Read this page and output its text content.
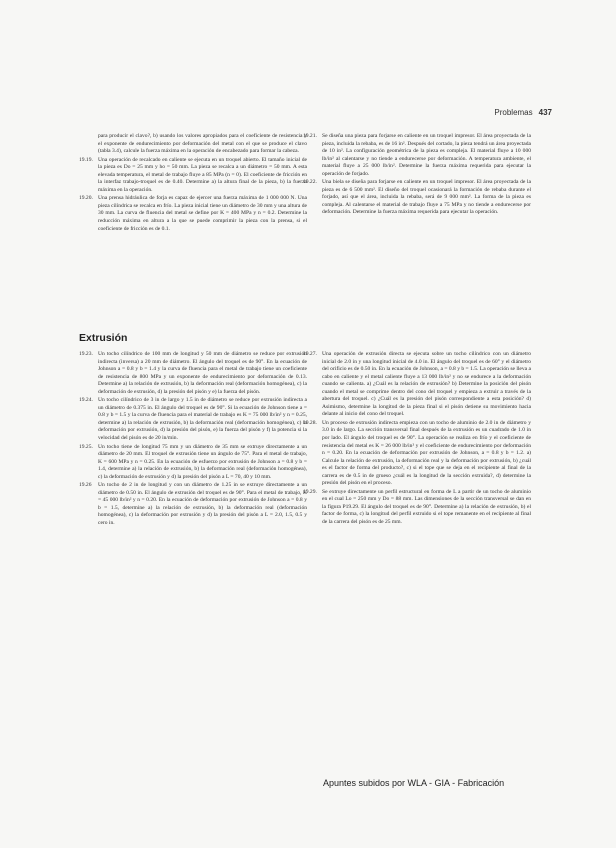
Problemas 437
para producir el clavo?, b) usando los valores apropiados para el coeficiente de resistencia y el exponente de endurecimiento por deformación del metal con el que se produce el clavo (tabla 3.4), calcule la fuerza máxima en la operación de encabezado para formar la cabeza.
19.19. Una operación de recalcado en caliente se ejecuta en un troquel abierto. El tamaño inicial de la pieza es Do = 25 mm y ho = 50 mm. La pieza se recalca a un diámetro = 50 mm. A esta elevada temperatura, el metal de trabajo fluye a 85 MPa (n = 0). El coeficiente de fricción en la interfaz trabajo-troquel es de 0.40. Determine a) la altura final de la pieza, b) la fuerza máxima en la operación.
19.20. Una prensa hidráulica de forja es capaz de ejercer una fuerza máxima de 1 000 000 N. Una pieza cilíndrica se recalca en frío. La pieza inicial tiene un diámetro de 30 mm y una altura de 30 mm. La curva de fluencia del metal se define por K = 400 MPa y n = 0.2. Determine la reducción máxima en altura a la que se puede comprimir la pieza con la prensa, si el coeficiente de fricción es de 0.1.
19.21. Se diseña una pieza para forjarse en caliente en un troquel impresor. El área proyectada de la pieza, incluida la rebaba, es de 16 in². Después del cortado, la pieza tendrá un área proyectada de 10 in². La configuración geométrica de la pieza es compleja. El material fluye a 10 000 lb/in² al calentarse y no tiende a endurecerse por deformación. A temperatura ambiente, el material fluye a 25 000 lb/in². Determine la fuerza máxima requerida para ejecutar la operación de forjado.
19.22. Una biela se diseña para forjarse en caliente en un troquel impresor. El área proyectada de la pieza es de 6 500 mm². El diseño del troquel ocasionará la formación de rebaba durante el forjado, así que el área, incluida la rebaba, será de 9 000 mm². La forma de la pieza es compleja. Al calentarse el material de trabajo fluye a 75 MPa y no tiende a endurecerse por deformación. Determine la fuerza máxima requerida para ejecutar la operación.
Extrusión
19.23. Un tocho cilíndrico de 100 mm de longitud y 50 mm de diámetro se reduce por extrusión indirecta (inversa) a 20 mm de diámetro. El ángulo del troquel es de 90°. En la ecuación de Johnson a = 0.8 y b = 1.4 y la curva de fluencia para el metal de trabajo tiene un coeficiente de resistencia de 800 MPa y un exponente de endurecimiento por deformación de 0.13. Determine a) la relación de extrusión, b) la deformación real (deformación homogénea), c) la deformación de extrusión, d) la presión del pisón y e) la fuerza del pisón.
19.24. Un tocho cilíndrico de 3 in de largo y 1.5 in de diámetro se reduce por extrusión indirecta a un diámetro de 0.375 in. El ángulo del troquel es de 90°. Si la ecuación de Johnson tiene a = 0.8 y b = 1.5 y la curva de fluencia para el material de trabajo es K = 75 000 lb/in² y n = 0.25, determine a) la relación de extrusión, b) la deformación real (deformación homogénea), c) la deformación por extrusión, d) la presión del pisón, e) la fuerza del pisón y f) la potencia si la velocidad del pisón es de 20 in/min.
19.25. Un tocho tiene de longitud 75 mm y un diámetro de 35 mm se extruye directamente a un diámetro de 20 mm. El troquel de extrusión tiene un ángulo de 75°. Para el metal de trabajo, K = 600 MPa y n = 0.25. En la ecuación de esfuerzo por extrusión de Johnson a = 0.8 y b = 1.4, determine a) la relación de extrusión, b) la deformación real (deformación homogénea), c) la deformación de extrusión y d) la presión del pisón a L = 70, 40 y 10 mm.
19.26	Un tocho de 2 in de longitud y con un diámetro de 1.25 in se extruye directamente a un diámetro de 0.50 in. El ángulo de extrusión del troquel es de 90°. Para el metal de trabajo, K = 45 000 lb/in² y n = 0.20. En la ecuación de deformación por extrusión de Johnson a = 0.8 y b = 1.5, determine a) la relación de extrusión, b) la deformación real (deformación homogénea), c) la deformación por extrusión y d) la presión del pisón a L = 2.0, 1.5, 0.5 y cero in.
19.27. Una operación de extrusión directa se ejecuta sobre un tocho cilíndrico con un diámetro inicial de 2.0 in y una longitud inicial de 4.0 in. El ángulo del troquel es de 60° y el diámetro del orificio es de 0.50 in. En la ecuación de Johnson, a = 0.8 y b = 1.5. La operación se lleva a cabo en caliente y el metal caliente fluye a 13 000 lb/in² y no se endurece a la deformación cuando se calienta. a) ¿Cuál es la relación de extrusión? b) Determine la posición del pisón cuando el metal se comprime dentro del cono del troquel y empieza a extruir a través de la abertura del troquel. c) ¿Cuál es la presión del pisón correspondiente a esta posición? d) Asimismo, determine la longitud de la pieza final si el pisón detiene su movimiento hacia delante al inicio del cono del troquel.
19.28. Un proceso de extrusión indirecta empieza con un tocho de aluminio de 2.0 in de diámetro y 3.0 in de largo. La sección transversal final después de la extrusión es un cuadrado de 1.0 in por lado. El ángulo del troquel es de 90°. La operación se realiza en frío y el coeficiente de resistencia del metal es K = 26 000 lb/in² y el coeficiente de endurecimiento por deformación n = 0.20. En la ecuación de deformación por extrusión de Johnson, a = 0.8 y b = 1.2. a) Calcule la relación de extrusión, la deformación real y la deformación por extrusión, b) ¿cuál es el factor de forma del producto?, c) si el tope que se deja en el recipiente al final de la carrera es de 0.5 in de grueso ¿cuál es la longitud de la sección extruida?, d) determine la presión del pisón en el proceso.
19.29. Se extruye directamente un perfil estructural en forma de L a partir de un tocho de aluminio en el cual Lo = 250 mm y Do = 88 mm. Las dimensiones de la sección transversal se dan en la figura P19.29. El ángulo del troquel es de 90°. Determine a) la relación de extrusión, b) el factor de forma, c) la longitud del perfil extruido si el tope remanente en el recipiente al final de la carrera del pisón es de 25 mm.
Apuntes subidos por WLA - GIA - Fabricación
